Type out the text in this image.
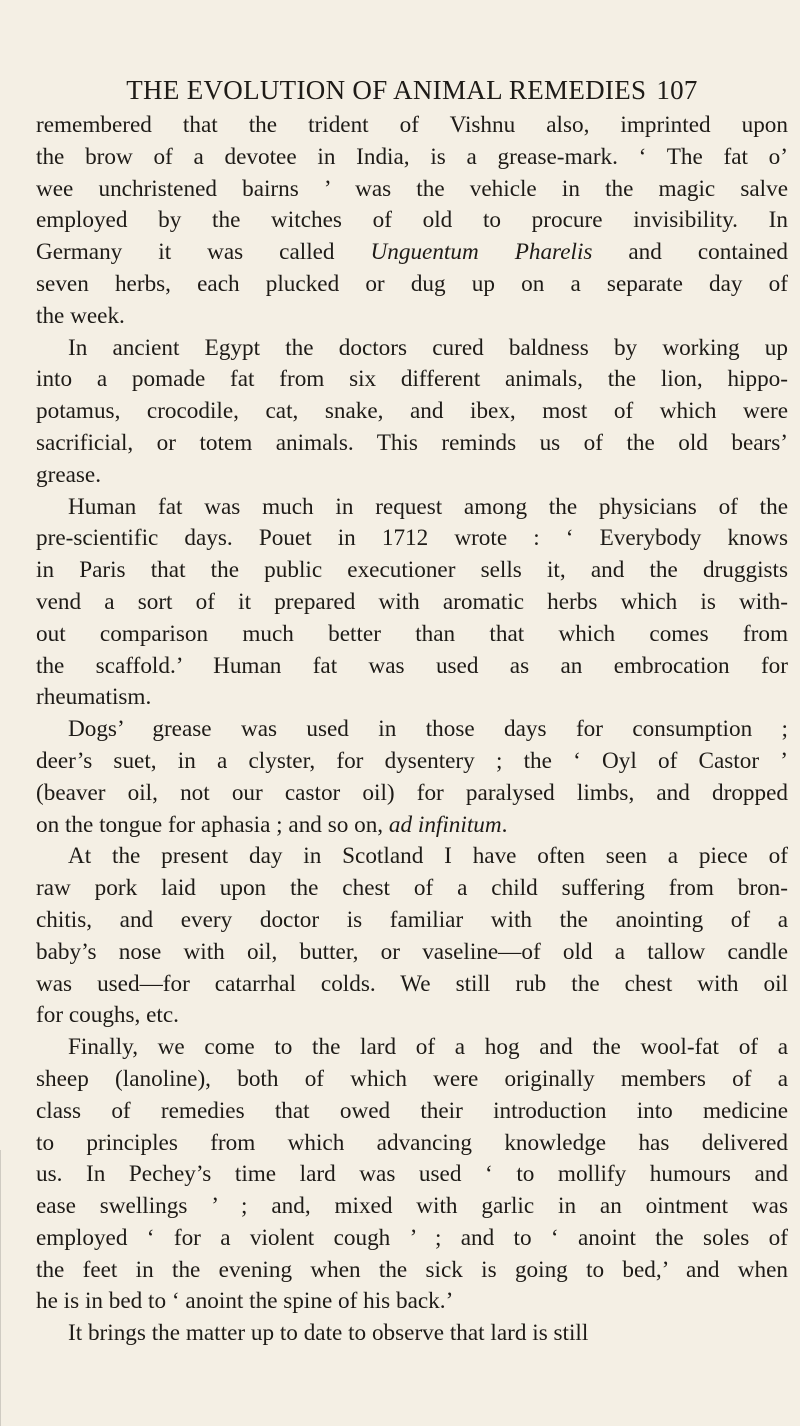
THE EVOLUTION OF ANIMAL REMEDIES 107
remembered that the trident of Vishnu also, imprinted upon
the brow of a devotee in India, is a grease-mark. ‘ The fat o’
wee unchristened bairns ’ was the vehicle in the magic salve
employed by the witches of old to procure invisibility. In
Germany it was called Unguentum Pharelis and contained
seven herbs, each plucked or dug up on a separate day of
the week.
In ancient Egypt the doctors cured baldness by working up
into a pomade fat from six different animals, the lion, hippo-
potamus, crocodile, cat, snake, and ibex, most of which were
sacrificial, or totem animals. This reminds us of the old bears’
grease.
Human fat was much in request among the physicians of the
pre-scientific days. Pouet in 1712 wrote : ‘ Everybody knows
in Paris that the public executioner sells it, and the druggists
vend a sort of it prepared with aromatic herbs which is with-
out comparison much better than that which comes from
the scaffold.’ Human fat was used as an embrocation for
rheumatism.
Dogs’ grease was used in those days for consumption ;
deer’s suet, in a clyster, for dysentery ; the ‘ Oyl of Castor ’
(beaver oil, not our castor oil) for paralysed limbs, and dropped
on the tongue for aphasia ; and so on, ad infinitum.
At the present day in Scotland I have often seen a piece of
raw pork laid upon the chest of a child suffering from bron-
chitis, and every doctor is familiar with the anointing of a
baby’s nose with oil, butter, or vaseline—of old a tallow candle
was used—for catarrhal colds. We still rub the chest with oil
for coughs, etc.
Finally, we come to the lard of a hog and the wool-fat of a
sheep (lanoline), both of which were originally members of a
class of remedies that owed their introduction into medicine
to principles from which advancing knowledge has delivered
us. In Pechey’s time lard was used ‘ to mollify humours and
ease swellings ’ ; and, mixed with garlic in an ointment was
employed ‘ for a violent cough ’ ; and to ‘ anoint the soles of
the feet in the evening when the sick is going to bed,’ and when
he is in bed to ‘ anoint the spine of his back.’
It brings the matter up to date to observe that lard is still
